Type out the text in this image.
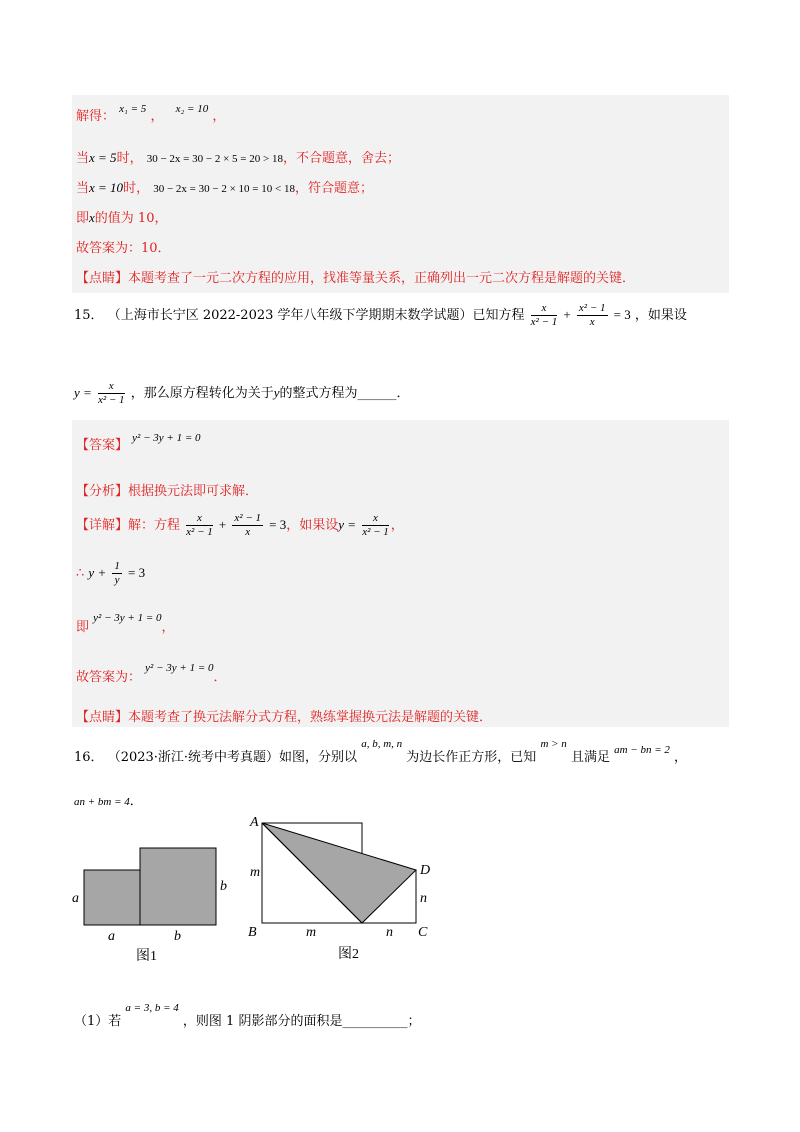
解得： $^{x_1 = 5}$ ， $^{x_2 = 10}$ ，
当x = 5时， 30 − 2x = 30 − 2 × 5 = 20 > 18，不合题意，舍去；
当x = 10时， 30 − 2x = 30 − 2 × 10 = 10 < 18，符合题意；
即x的值为 10，
故答案为：10．
【点睛】本题考查了一元二次方程的应用，找准等量关系，正确列出一元二次方程是解题的关键．
15． （上海市长宁区 2022-2023 学年八年级下学期期末数学试题）已知方程 $\frac{x}{\text{x² − 1}} + \frac{\text{x² − 1}}{x} = 3$ ，如果设
$y = \frac{x}{\text{x² − 1}}$ ，那么原方程转化为关于y的整式方程为______．
【答案】 $^{y^2 - 3y + 1 = 0}$
【分析】根据换元法即可求解．
【详解】解：方程 $\frac{x}{\text{x² − 1}} + \frac{\text{x² − 1}}{x} = 3$，如果设$y = \frac{x}{\text{x² − 1}}$ ，
∴ $y + \frac{1}{y} = 3$
即 $^{y^2 - 3y + 1 = 0}$，
故答案为： $^{y^2 - 3y + 1 = 0}$．
【点睛】本题考查了换元法解分式方程，熟练掌握换元法是解题的关键．
16． （2023·浙江·统考中考真题）如图，分别以 $^{a, b, m, n}$ 为边长作正方形，已知 $^{m > n}$ 且满足 $^{am - bn = 2}$ ，
an + bm = 4．
a
b
a	b
图1
A
B	C
D
m
n
m	n
图2
（1）若 $^{a = 3, b = 4}$ ，则图 1 阴影部分的面积是__________；
